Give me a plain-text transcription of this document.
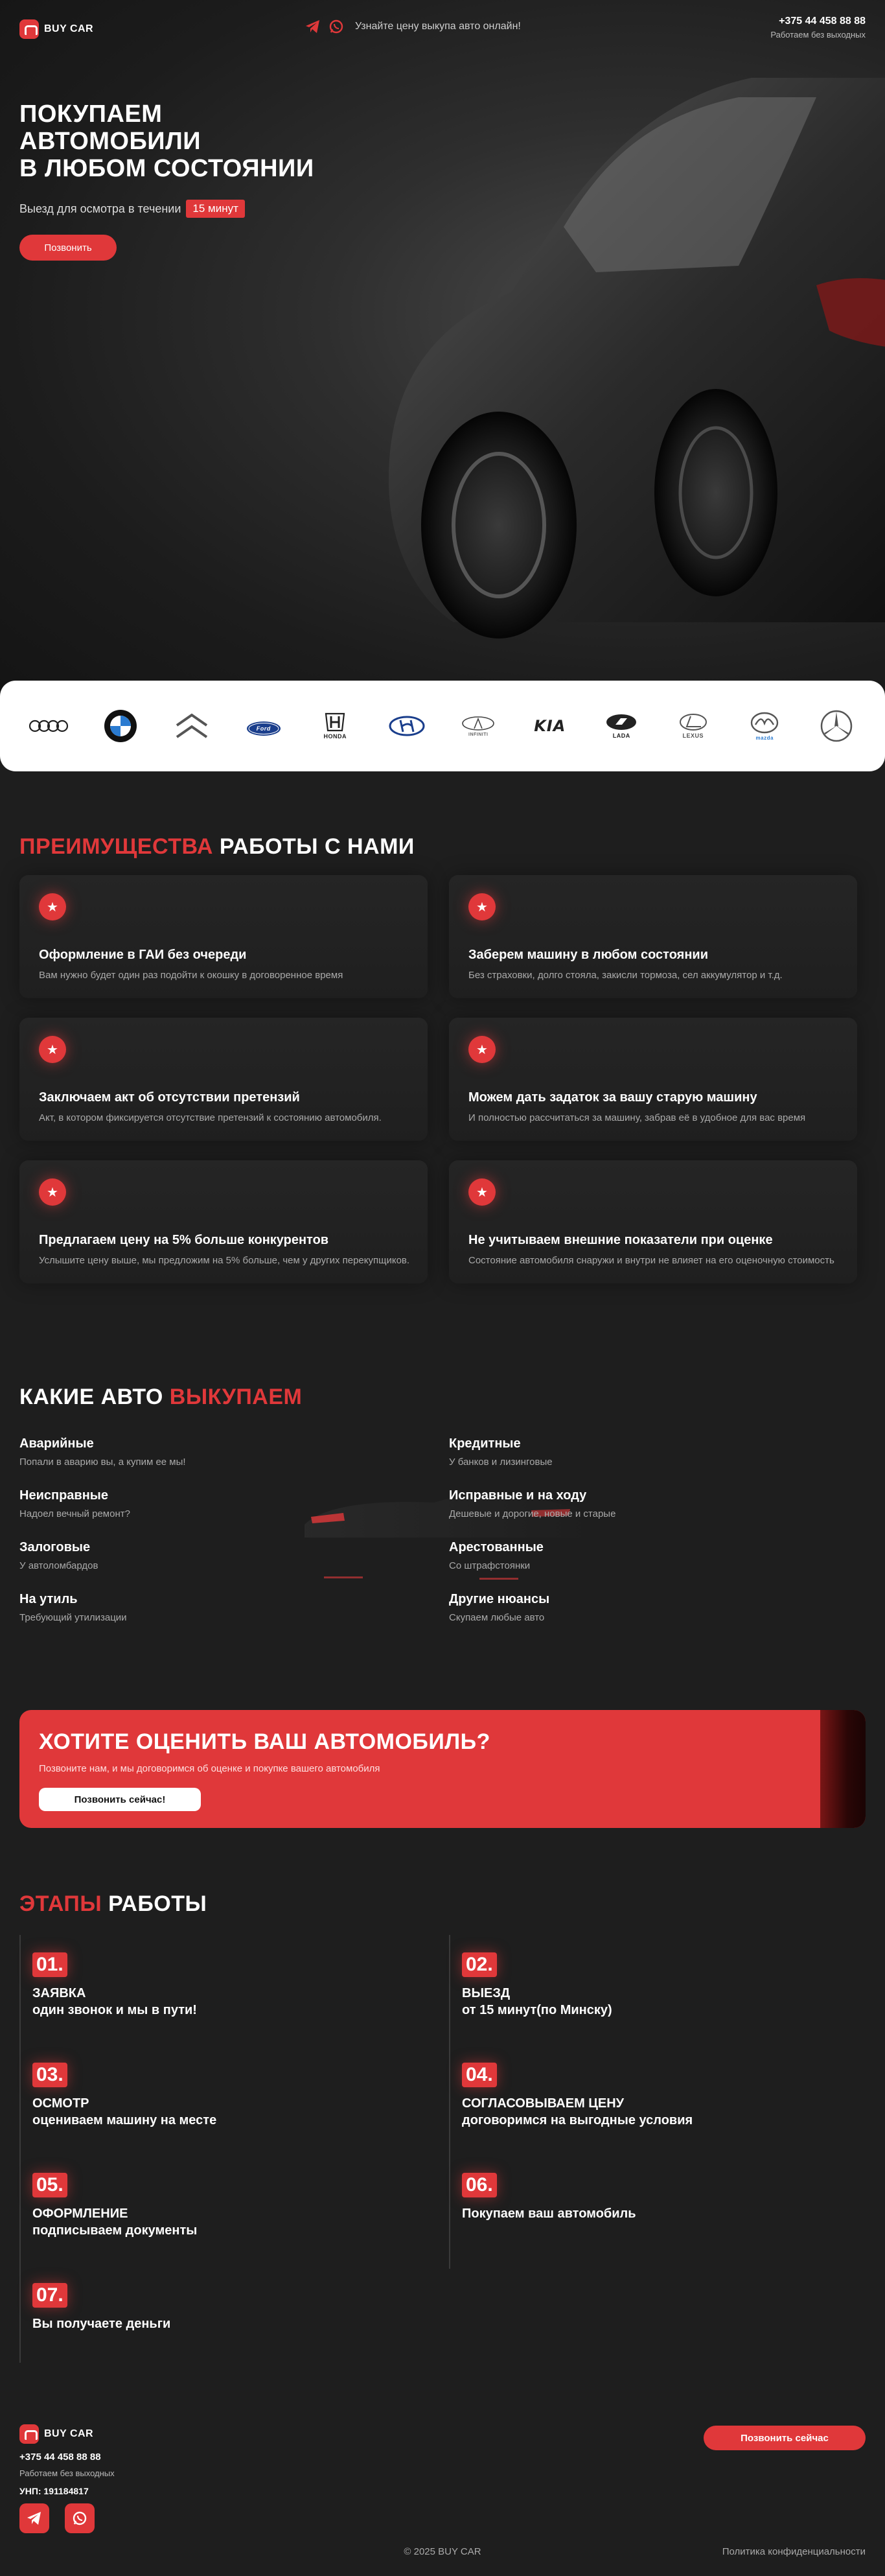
BUY CAR	Узнайте цену выкупа авто онлайн!	+375 44 458 88 88
Работаем без выходных
ПОКУПАЕМ
АВТОМОБИЛИ
В ЛЮБОМ СОСТОЯНИИ
Выезд для осмотра в течении	15 минут
Позвонить
Ford
HONDA	INFINITI	KIA
LADA	LEXUS	mazda
ПРЕИМУЩЕСТВА РАБОТЫ С НАМИ
★
Оформление в ГАИ без очереди
Вам нужно будет один раз подойти к окошку в договоренное время
★
Заберем машину в любом состоянии
Без страховки, долго стояла, закисли тормоза, сел аккумулятор и т.д.
★
Заключаем акт об отсутствии претензий
Акт, в котором фиксируется отсутствие претензий к состоянию автомобиля.
★
Можем дать задаток за вашу старую машину
И полностью рассчитаться за машину, забрав её в удобное для вас время
★
Предлагаем цену на 5% больше конкурентов
Услышите цену выше, мы предложим на 5% больше, чем у других перекупщиков.
★
Не учитываем внешние показатели при оценке
Состояние автомобиля снаружи и внутри не влияет на его оценочную стоимость
КАКИЕ АВТО ВЫКУПАЕМ
Аварийные
Попали в аварию вы, а купим ее мы!
Кредитные
У банков и лизинговые
Неисправные
Надоел вечный ремонт?
Исправные и на ходу
Дешевые и дорогие, новые и старые
Залоговые
У автоломбардов
Арестованные
Со штрафстоянки
На утиль
Требующий утилизации
Другие нюансы
Скупаем любые авто
ХОТИТЕ ОЦЕНИТЬ ВАШ АВТОМОБИЛЬ?

Позвоните нам, и мы договоримся об оценке и покупке вашего автомобиля

Позвонить сейчас!
ЭТАПЫ РАБОТЫ
01.
ЗАЯВКА
один звонок и мы в пути!
02.
ВЫЕЗД
от 15 минут(по Минску)
03.
ОСМОТР
оцениваем машину на месте
04.
СОГЛАСОВЫВАЕМ ЦЕНУ
договоримся на выгодные условия
05.
ОФОРМЛЕНИЕ
подписываем документы
06.
Покупаем ваш автомобиль
07.
Вы получаете деньги
BUY CAR
+375 44 458 88 88
Работаем без выходных
УНП: 191184817
Позвонить сейчас
© 2025 BUY CAR	Политика конфиденциальности
